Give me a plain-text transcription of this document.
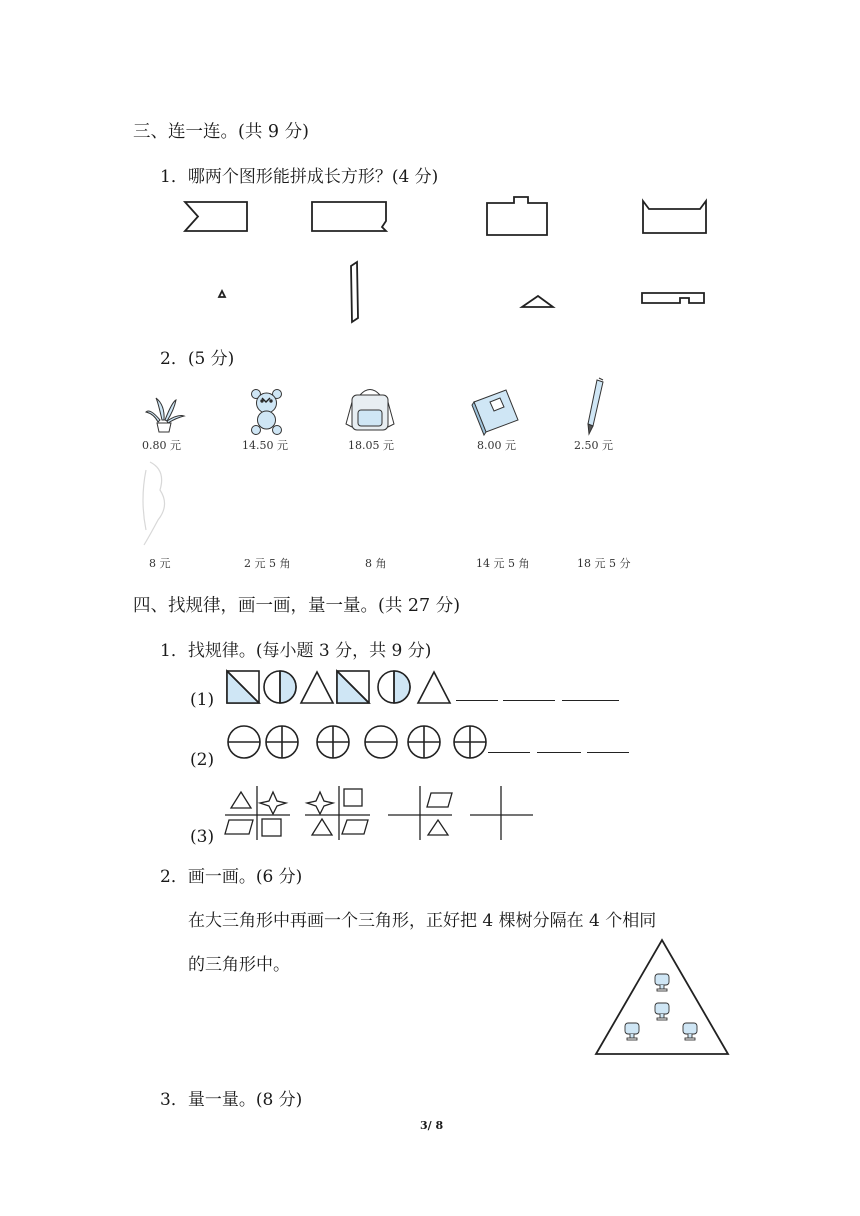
三、连一连。(共 9 分)
1．哪两个图形能拼成长方形？(4 分)
2．(5 分)
0.80 元	14.50 元	18.05 元	8.00 元	2.50 元
8 元	2 元 5 角	8 角	14 元 5 角	18 元 5 分
四、找规律，画一画，量一量。(共 27 分)
1．找规律。(每小题 3 分，共 9 分)
(1)
(2)
(3)
2．画一画。(6 分)
在大三角形中再画一个三角形，正好把 4 棵树分隔在 4 个相同
的三角形中。
3．量一量。(8 分)
3/ 8
